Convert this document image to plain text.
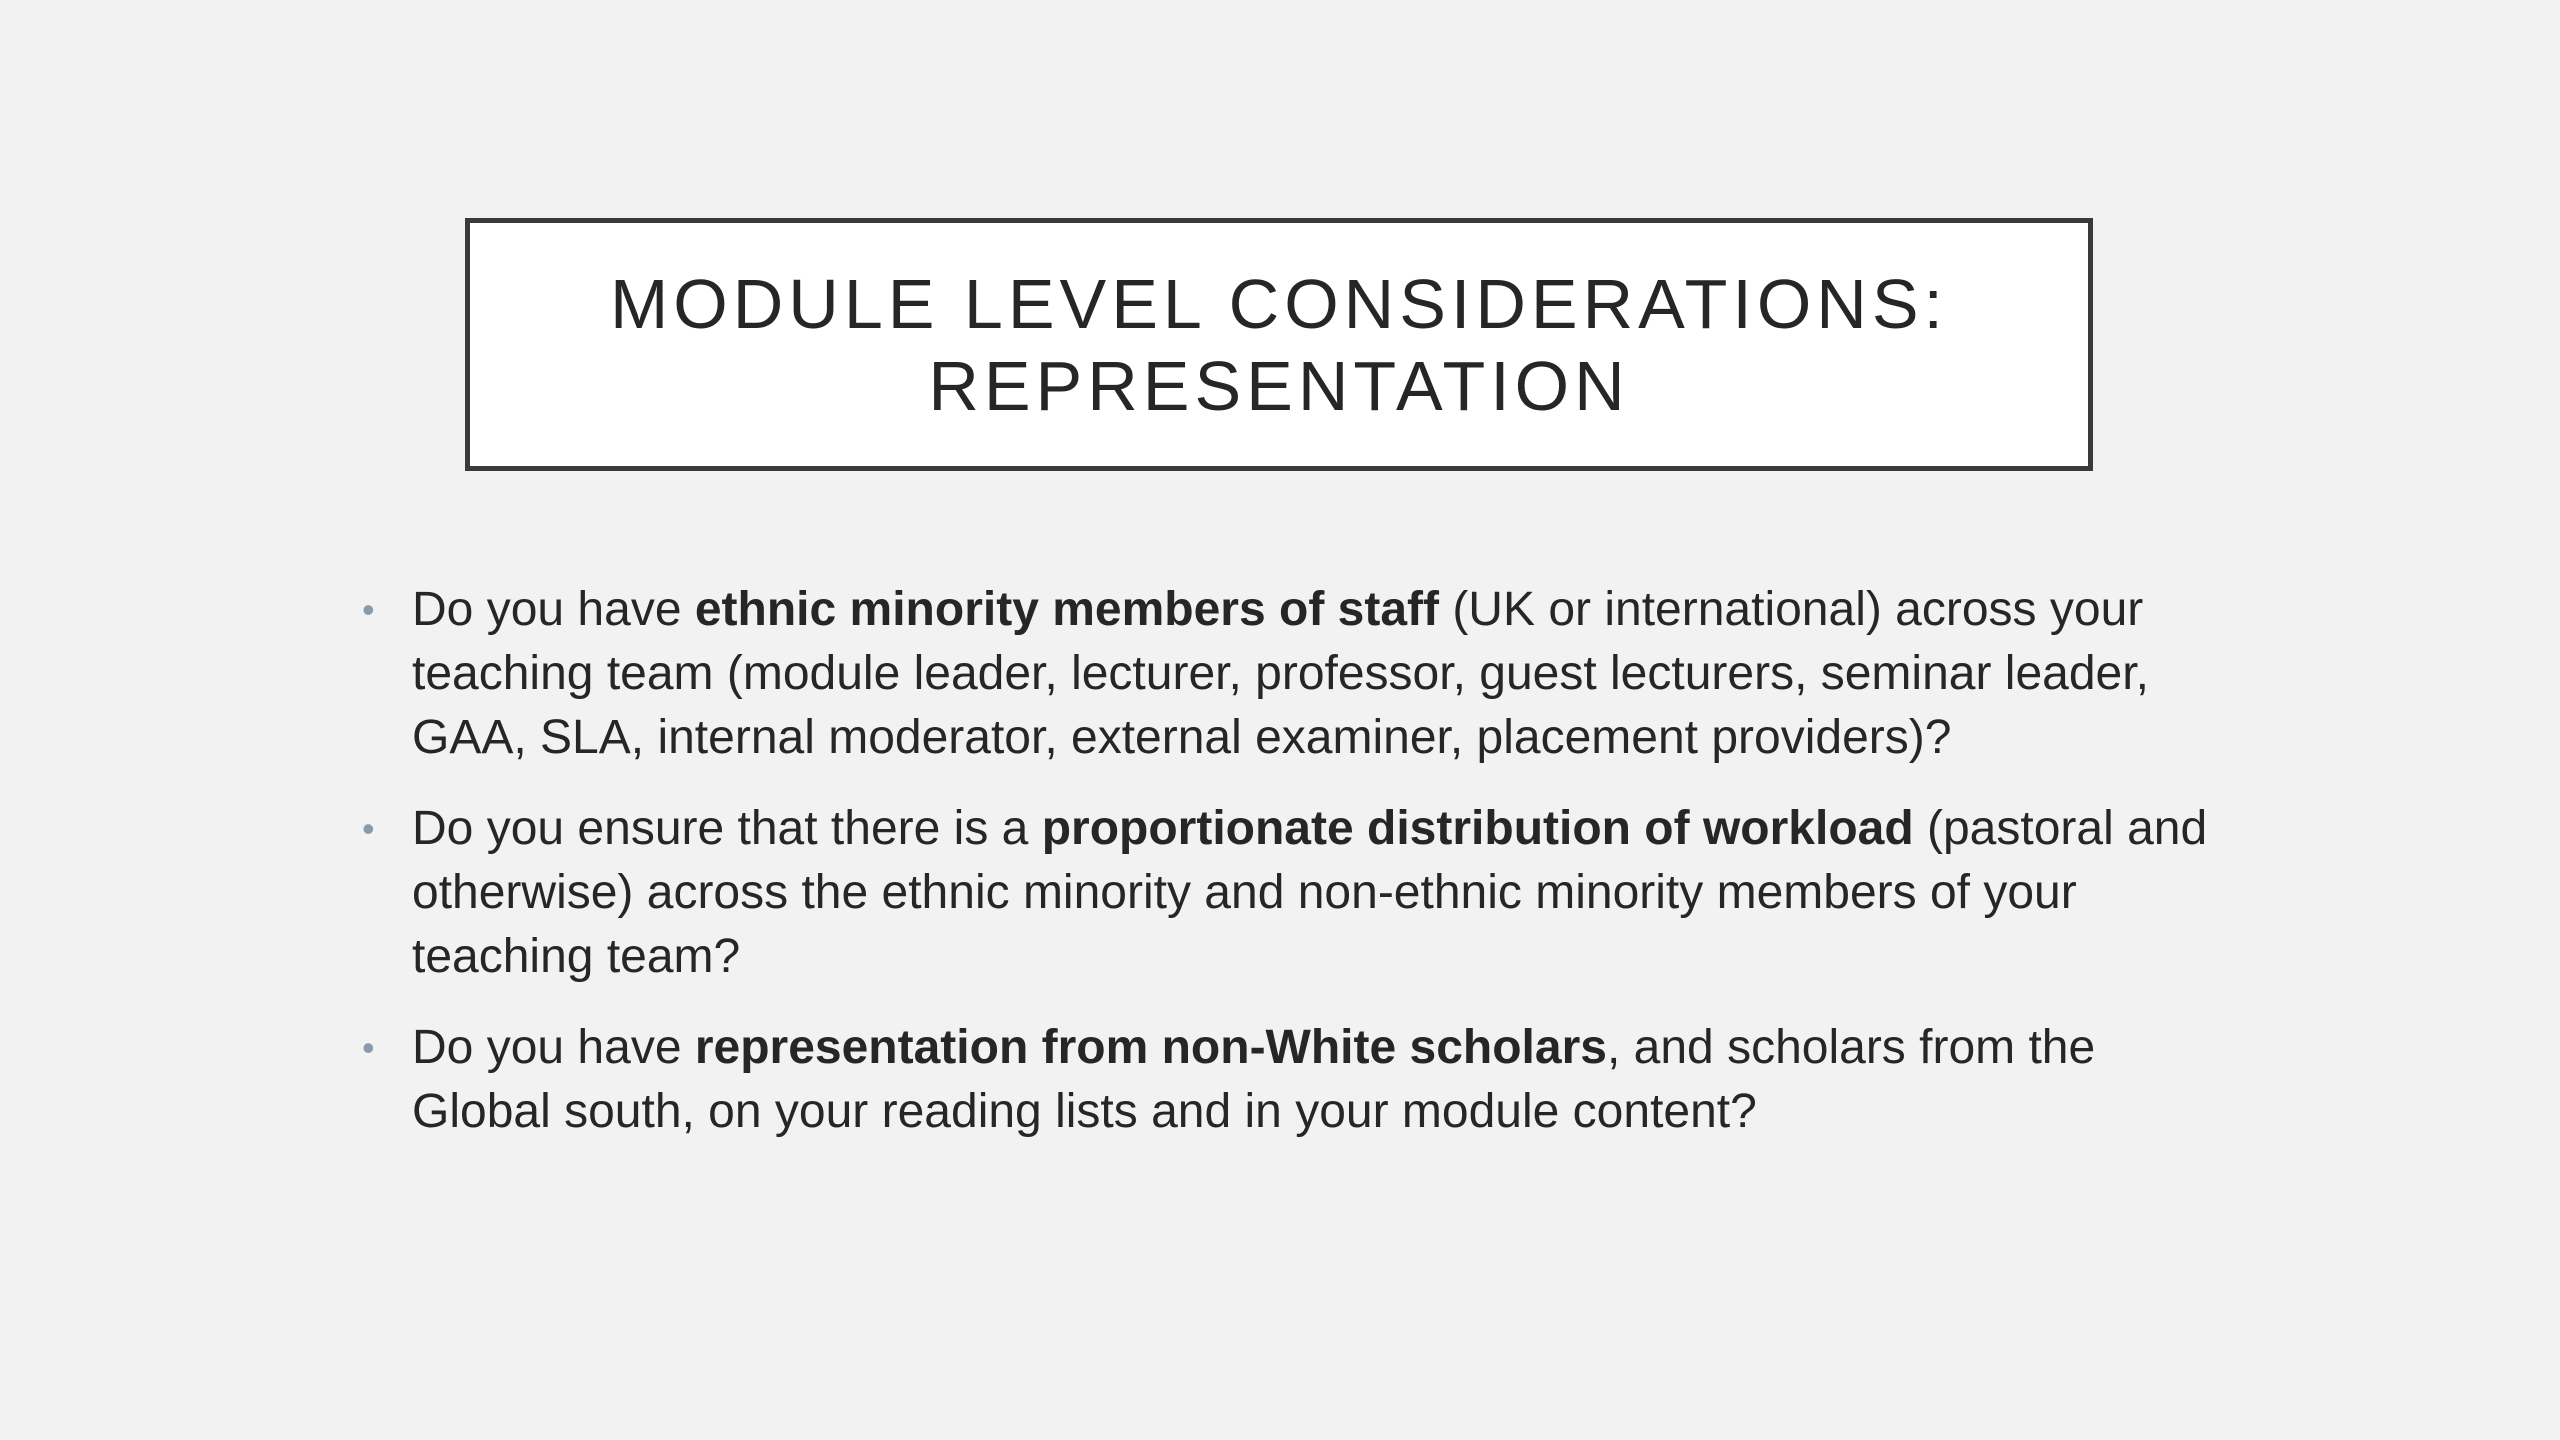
MODULE LEVEL CONSIDERATIONS:
REPRESENTATION
• Do you have ethnic minority members of staff (UK or international) across your teaching team (module leader, lecturer, professor, guest lecturers, seminar leader, GAA, SLA, internal moderator, external examiner, placement providers)?
• Do you ensure that there is a proportionate distribution of workload (pastoral and otherwise) across the ethnic minority and non-ethnic minority members of your teaching team?
• Do you have representation from non-White scholars, and scholars from the Global south, on your reading lists and in your module content?
